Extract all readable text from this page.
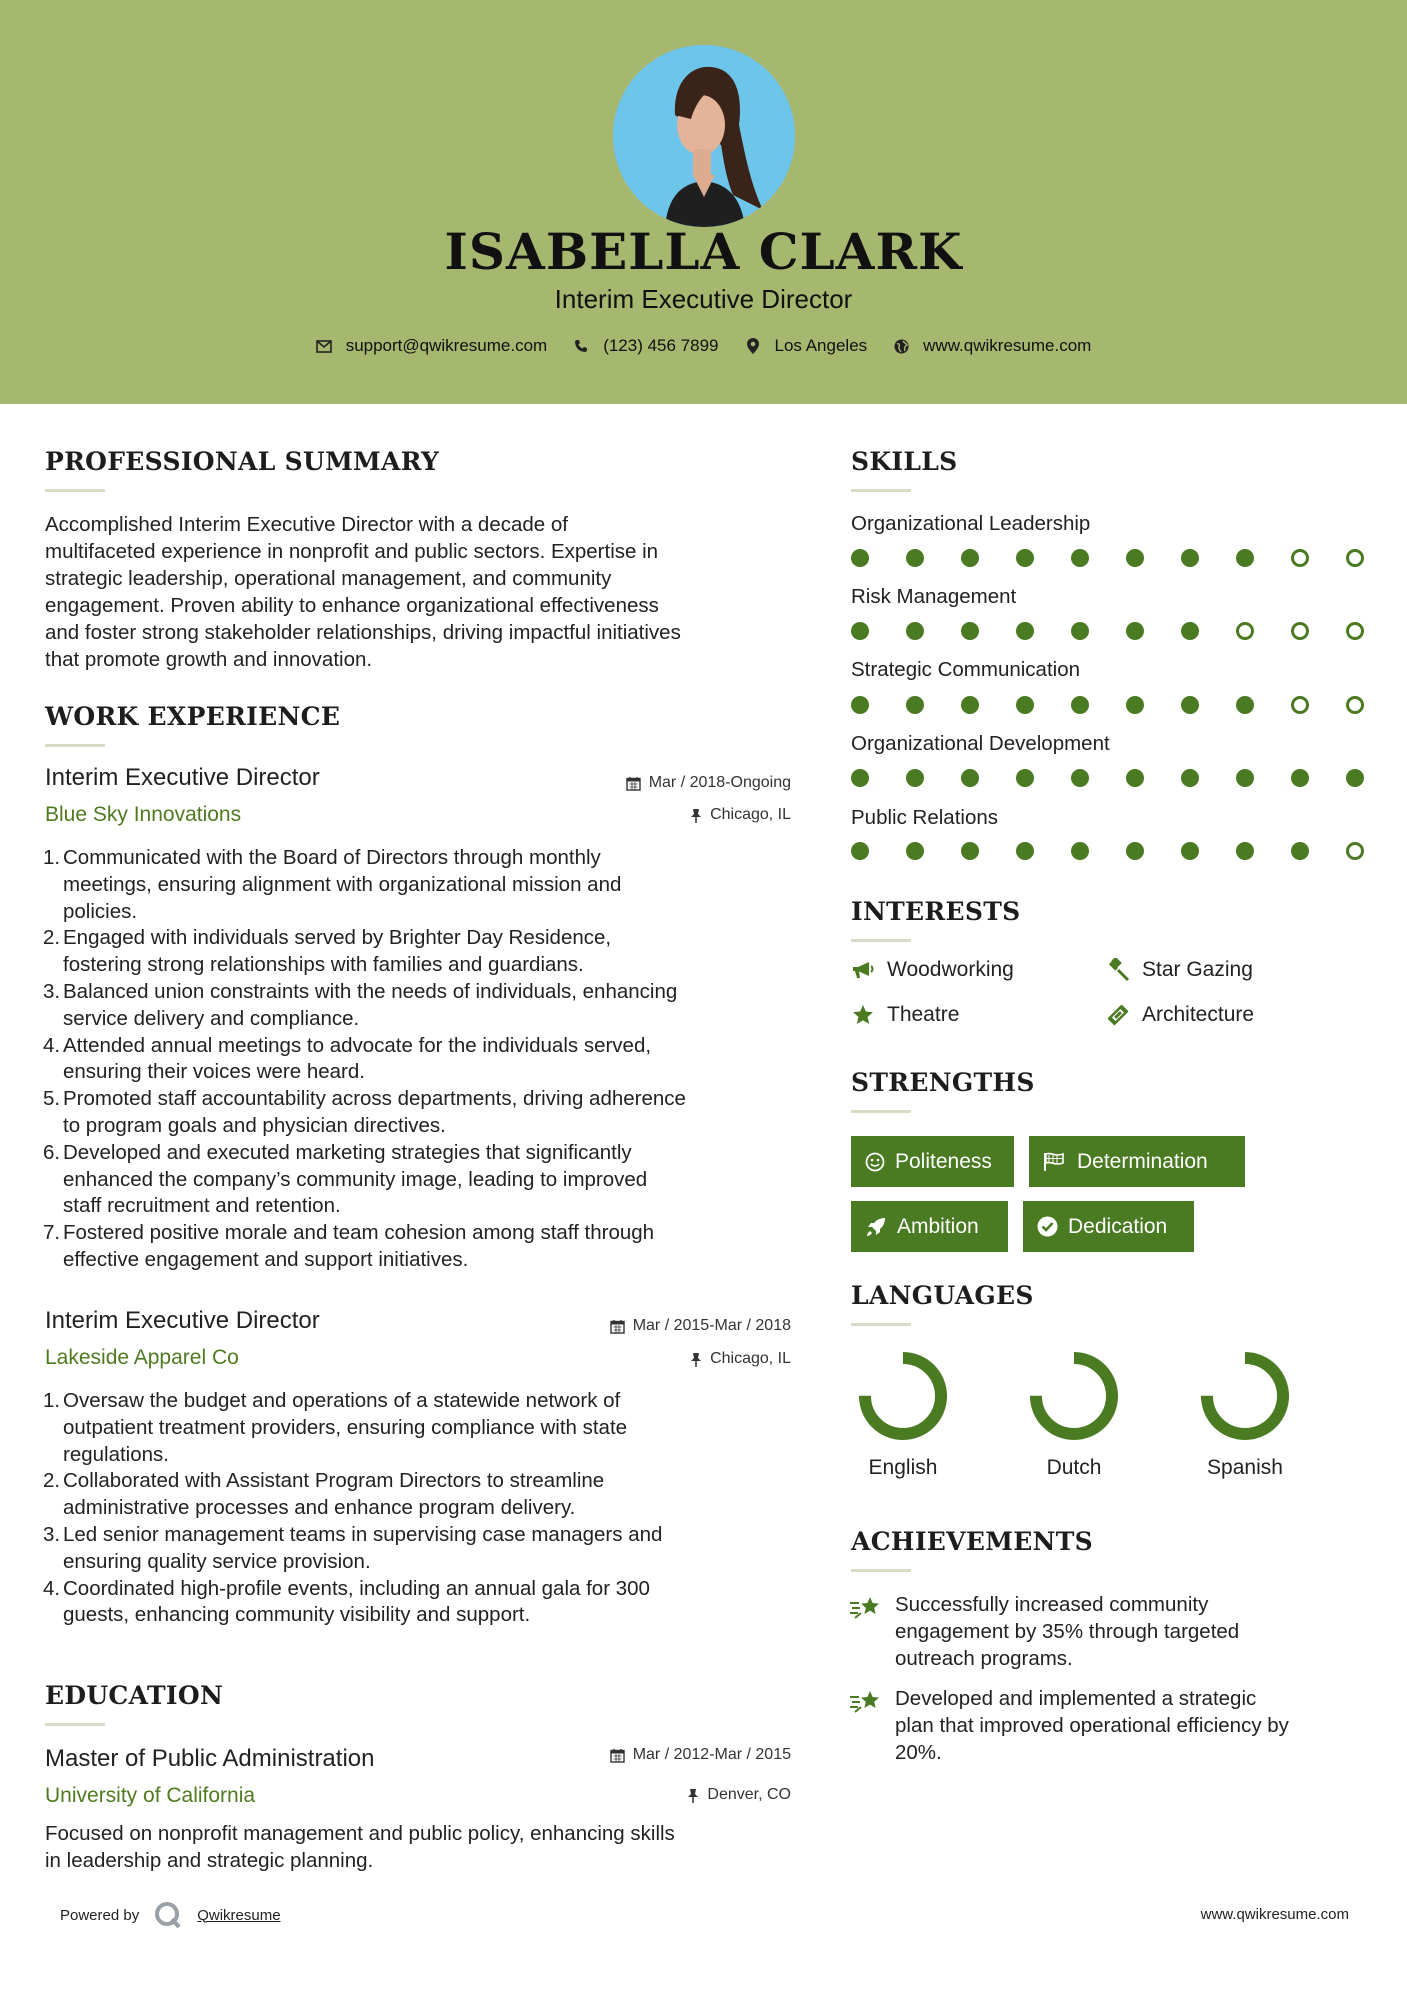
ISABELLA CLARK
Interim Executive Director
support@qwikresume.com	(123) 456 7899	Los Angeles	www.qwikresume.com
PROFESSIONAL SUMMARY
Accomplished Interim Executive Director with a decade of
multifaceted experience in nonprofit and public sectors. Expertise in
strategic leadership, operational management, and community
engagement. Proven ability to enhance organizational effectiveness
and foster strong stakeholder relationships, driving impactful initiatives
that promote growth and innovation.
WORK EXPERIENCE
Interim Executive Director	Mar / 2018-Ongoing
Blue Sky Innovations	Chicago, IL
1. Communicated with the Board of Directors through monthly
meetings, ensuring alignment with organizational mission and
policies.
2. Engaged with individuals served by Brighter Day Residence,
fostering strong relationships with families and guardians.
3. Balanced union constraints with the needs of individuals, enhancing
service delivery and compliance.
4. Attended annual meetings to advocate for the individuals served,
ensuring their voices were heard.
5. Promoted staff accountability across departments, driving adherence
to program goals and physician directives.
6. Developed and executed marketing strategies that significantly
enhanced the company’s community image, leading to improved
staff recruitment and retention.
7. Fostered positive morale and team cohesion among staff through
effective engagement and support initiatives.
Interim Executive Director	Mar / 2015-Mar / 2018
Lakeside Apparel Co	Chicago, IL
1. Oversaw the budget and operations of a statewide network of
outpatient treatment providers, ensuring compliance with state
regulations.
2. Collaborated with Assistant Program Directors to streamline
administrative processes and enhance program delivery.
3. Led senior management teams in supervising case managers and
ensuring quality service provision.
4. Coordinated high-profile events, including an annual gala for 300
guests, enhancing community visibility and support.
EDUCATION
Master of Public Administration	Mar / 2012-Mar / 2015
University of California	Denver, CO
Focused on nonprofit management and public policy, enhancing skills
in leadership and strategic planning.
SKILLS
Organizational Leadership
Risk Management
Strategic Communication
Organizational Development
Public Relations
INTERESTS
Woodworking	Star Gazing
Theatre	Architecture
STRENGTHS
Politeness	Determination
Ambition	Dedication
LANGUAGES
English	Dutch	Spanish
ACHIEVEMENTS
Successfully increased community
engagement by 35% through targeted
outreach programs.
Developed and implemented a strategic
plan that improved operational efficiency by
20%.
Powered by	Qwikresume	www.qwikresume.com
